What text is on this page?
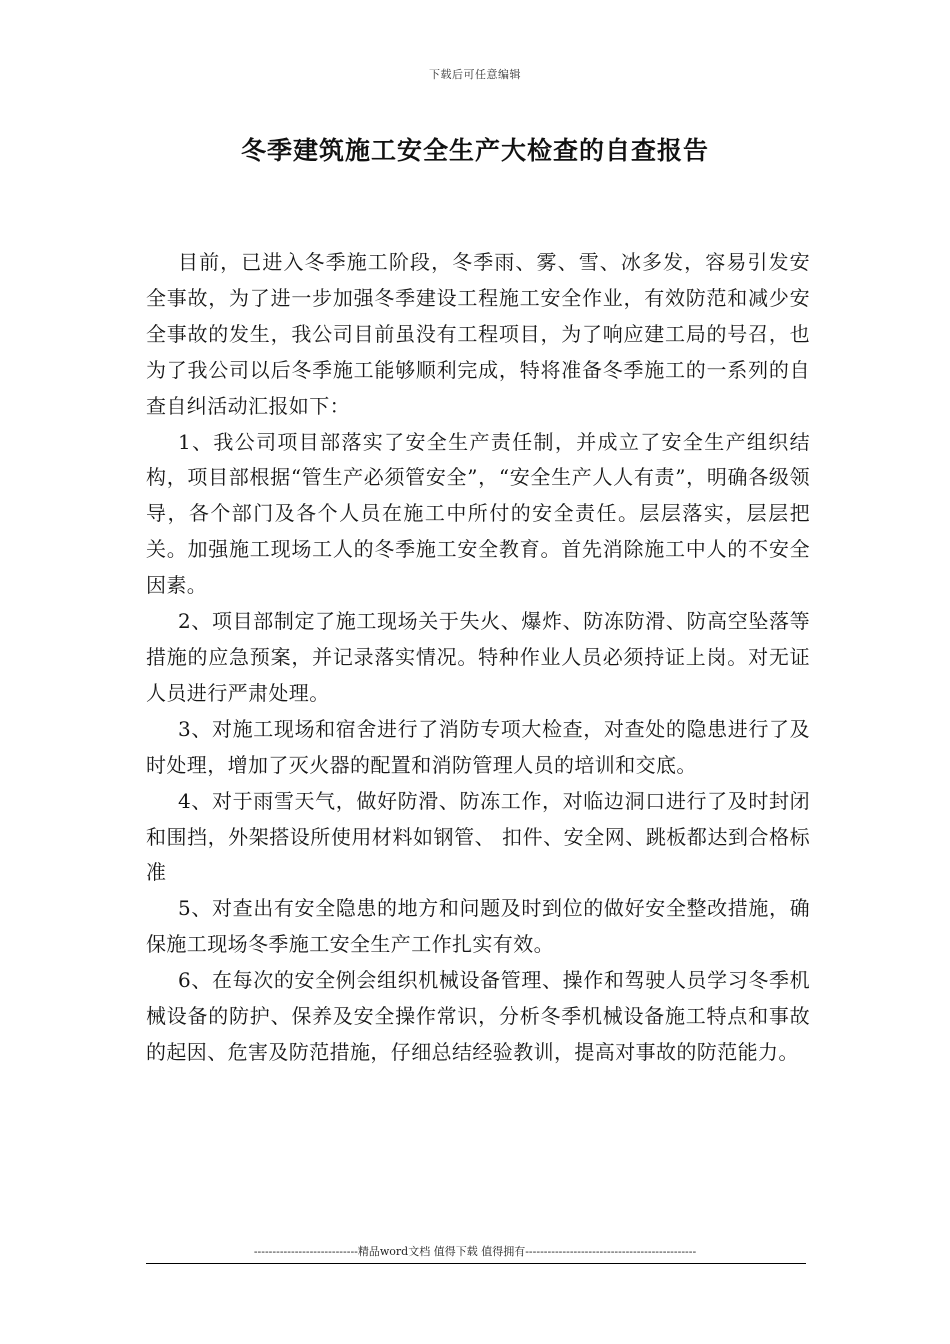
下载后可任意编辑
冬季建筑施工安全生产大检查的自查报告

目前，已进入冬季施工阶段，冬季雨、雾、雪、冰多发，容易引发安全事故，为了进一步加强冬季建设工程施工安全作业，有效防范和减少安全事故的发生，我公司目前虽没有工程项目，为了响应建工局的号召，也为了我公司以后冬季施工能够顺利完成，特将准备冬季施工的一系列的自查自纠活动汇报如下：

1、我公司项目部落实了安全生产责任制，并成立了安全生产组织结构，项目部根据“管生产必须管安全”，“安全生产人人有责”，明确各级领导，各个部门及各个人员在施工中所付的安全责任。层层落实，层层把关。加强施工现场工人的冬季施工安全教育。首先消除施工中人的不安全因素。

2、项目部制定了施工现场关于失火、爆炸、防冻防滑、防高空坠落等措施的应急预案，并记录落实情况。特种作业人员必须持证上岗。对无证人员进行严肃处理。

3、对施工现场和宿舍进行了消防专项大检查，对查处的隐患进行了及时处理，增加了灭火器的配置和消防管理人员的培训和交底。

4、对于雨雪天气，做好防滑、防冻工作，对临边洞口进行了及时封闭和围挡，外架搭设所使用材料如钢管、 扣件、安全网、跳板都达到合格标准

5、对查出有安全隐患的地方和问题及时到位的做好安全整改措施，确保施工现场冬季施工安全生产工作扎实有效。

6、在每次的安全例会组织机械设备管理、操作和驾驶人员学习冬季机械设备的防护、保养及安全操作常识，分析冬季机械设备施工特点和事故的起因、危害及防范措施，仔细总结经验教训，提高对事故的防范能力。

----------------------------精品word文档 值得下载 值得拥有----------------------------------------------
